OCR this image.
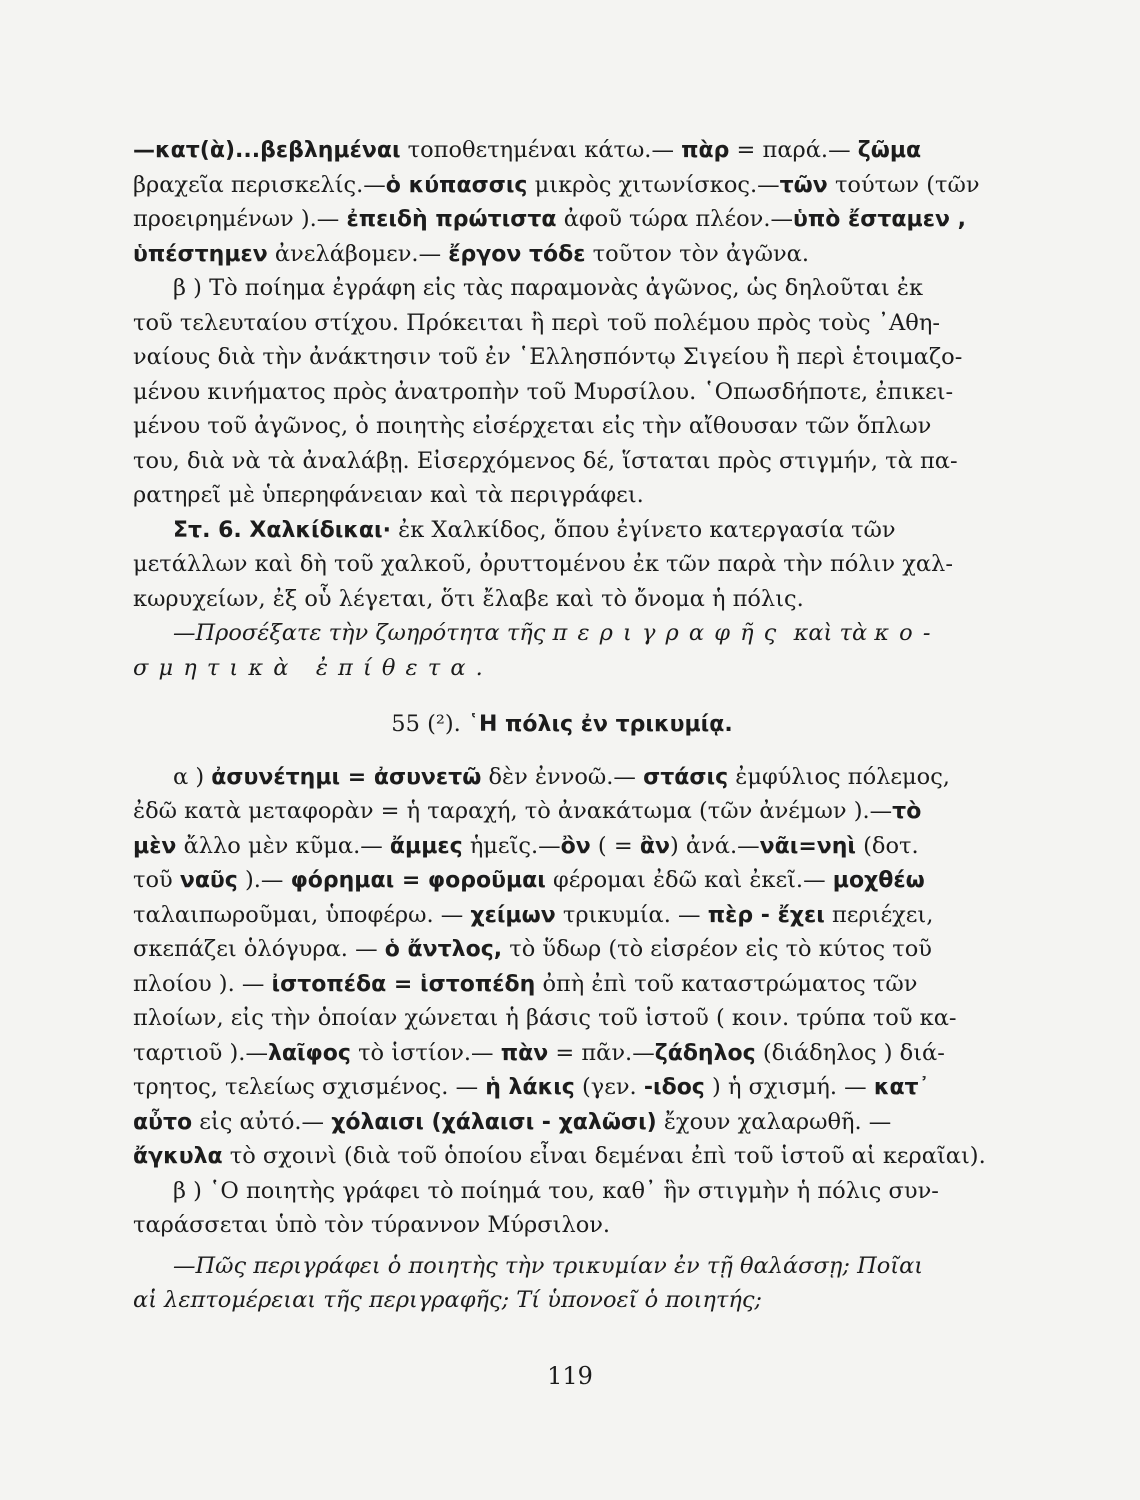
—κατ(ὰ)...βεβλημέναι τοποθετημέναι κάτω.— πὰρ = παρά.— ζῶμα
βραχεῖα περισκελίς.—ὁ κύπασσις μικρὸς χιτωνίσκος.—τῶν τούτων (τῶν
προειρημένων ).— ἐπειδὴ πρώτιστα ἀφοῦ τώρα πλέον.—ὑπὸ ἔσταμεν ,
ὑπέστημεν ἀνελάβομεν.— ἔργον τόδε τοῦτον τὸν ἀγῶνα.
β ) Τὸ ποίημα ἐγράφη εἰς τὰς παραμονὰς ἀγῶνος, ὡς δηλοῦται ἐκ
τοῦ τελευταίου στίχου. Πρόκειται ἢ περὶ τοῦ πολέμου πρὸς τοὺς ᾿Αθη-
ναίους διὰ τὴν ἀνάκτησιν τοῦ ἐν ῾Ελλησπόντῳ Σιγείου ἢ περὶ ἑτοιμαζο-
μένου κινήματος πρὸς ἀνατροπὴν τοῦ Μυρσίλου. ῾Οπωσδήποτε, ἐπικει-
μένου τοῦ ἀγῶνος, ὁ ποιητὴς εἰσέρχεται εἰς τὴν αἴθουσαν τῶν ὅπλων
του, διὰ νὰ τὰ ἀναλάβῃ. Εἰσερχόμενος δέ, ἵσταται πρὸς στιγμήν, τὰ πα-
ρατηρεῖ μὲ ὑπερηφάνειαν καὶ τὰ περιγράφει.
Στ. 6. Χαλκίδικαι· ἐκ Χαλκίδος, ὅπου ἐγίνετο κατεργασία τῶν
μετάλλων καὶ δὴ τοῦ χαλκοῦ, ὀρυττομένου ἐκ τῶν παρὰ τὴν πόλιν χαλ-
κωρυχείων, ἐξ οὗ λέγεται, ὅτι ἔλαβε καὶ τὸ ὄνομα ἡ πόλις.
—Προσέξατε τὴν ζωηρότητα τῆς περιγραφῆς καὶ τὰ κο-
σμητικὰ ἐπίθετα.
55 (²). ῾Η πόλις ἐν τρικυμίᾳ.
α ) ἀσυνέτημι = ἀσυνετῶ δὲν ἐννοῶ.— στάσις ἐμφύλιος πόλεμος,
ἐδῶ κατὰ μεταφορὰν = ἡ ταραχή, τὸ ἀνακάτωμα (τῶν ἀνέμων ).—τὸ
μὲν ἄλλο μὲν κῦμα.— ἄμμες ἡμεῖς.—ὂν ( = ἂν) ἀνά.—νᾶι=νηὶ (δοτ.
τοῦ ναῦς ).— φόρημαι = φοροῦμαι φέρομαι ἐδῶ καὶ ἐκεῖ.— μοχθέω
ταλαιπωροῦμαι, ὑποφέρω. — χείμων τρικυμία. — πὲρ - ἔχει περιέχει,
σκεπάζει ὁλόγυρα. — ὁ ἄντλος, τὸ ὕδωρ (τὸ εἰσρέον εἰς τὸ κύτος τοῦ
πλοίου ). — ἰστοπέδα = ἱστοπέδη ὀπὴ ἐπὶ τοῦ καταστρώματος τῶν
πλοίων, εἰς τὴν ὁποίαν χώνεται ἡ βάσις τοῦ ἱστοῦ ( κοιν. τρύπα τοῦ κα-
ταρτιοῦ ).—λαῖφος τὸ ἱστίον.— πὰν = πᾶν.—ζάδηλος (διάδηλος ) διά-
τρητος, τελείως σχισμένος. — ἡ λάκις (γεν. -ιδος ) ἡ σχισμή. — κατ᾽
αὖτο εἰς αὐτό.— χόλαισι (χάλαισι - χαλῶσι) ἔχουν χαλαρωθῆ. —
ἄγκυλα τὸ σχοινὶ (διὰ τοῦ ὁποίου εἶναι δεμέναι ἐπὶ τοῦ ἱστοῦ αἱ κεραῖαι).
β ) ῾Ο ποιητὴς γράφει τὸ ποίημά του, καθ᾽ ἣν στιγμὴν ἡ πόλις συν-
ταράσσεται ὑπὸ τὸν τύραννον Μύρσιλον.
—Πῶς περιγράφει ὁ ποιητὴς τὴν τρικυμίαν ἐν τῇ θαλάσσῃ; Ποῖαι
αἱ λεπτομέρειαι τῆς περιγραφῆς; Τί ὑπονοεῖ ὁ ποιητής;
119
